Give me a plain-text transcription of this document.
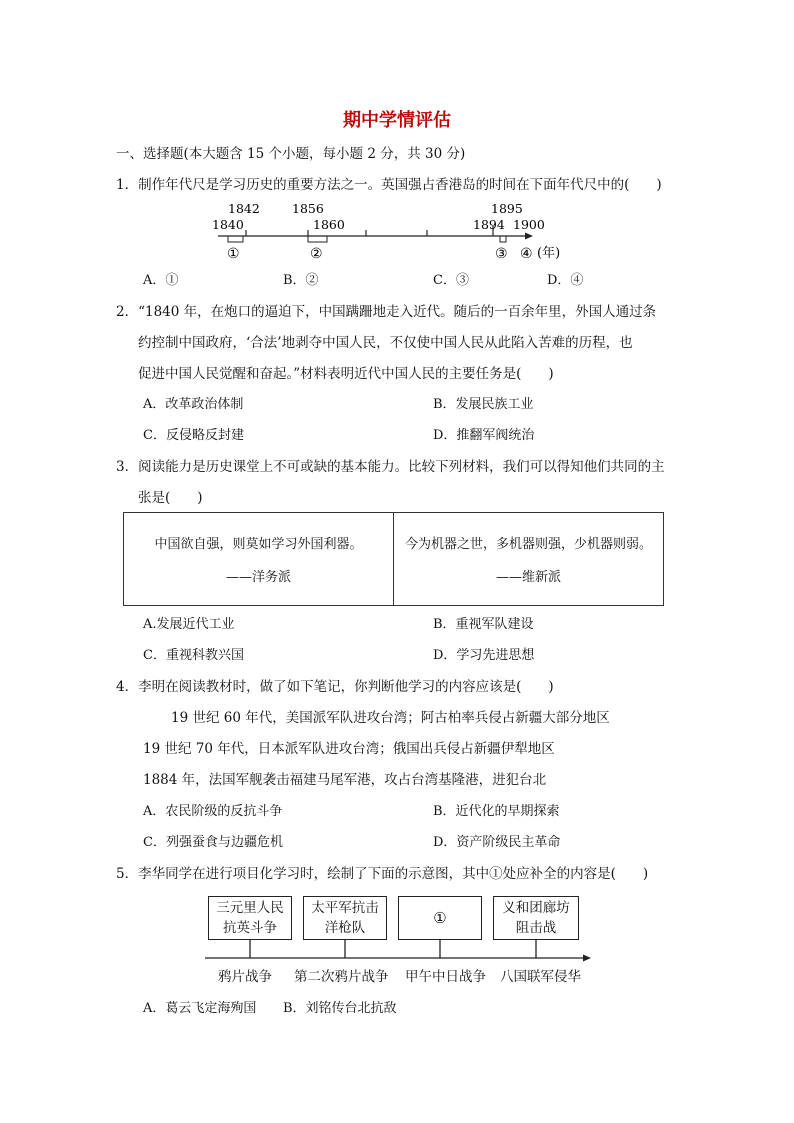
期中学情评估
一、选择题(本大题含 15 个小题，每小题 2 分，共 30 分)
1．制作年代尺是学习历史的重要方法之一。英国强占香港岛的时间在下面年代尺中的(　　)
1842	1856	1895
1840	1860	1894 1900
①	②	③ ④ (年)
A．①	B．②	C．③	D．④
2．“1840 年，在炮口的逼迫下，中国蹒跚地走入近代。随后的一百余年里，外国人通过条
约控制中国政府，‘合法’地剥夺中国人民，不仅使中国人民从此陷入苦难的历程，也
促进中国人民觉醒和奋起。”材料表明近代中国人民的主要任务是(　　)
A．改革政治体制	B．发展民族工业
C．反侵略反封建	D．推翻军阀统治
3．阅读能力是历史课堂上不可或缺的基本能力。比较下列材料，我们可以得知他们共同的主
张是(　　)
中国欲自强，则莫如学习外国利器。
——洋务派
今为机器之世，多机器则强，少机器则弱。
——维新派
A.发展近代工业	B．重视军队建设
C．重视科教兴国	D．学习先进思想
4．李明在阅读教材时，做了如下笔记，你判断他学习的内容应该是(　　)
19 世纪 60 年代，美国派军队进攻台湾；阿古柏率兵侵占新疆大部分地区
19 世纪 70 年代，日本派军队进攻台湾；俄国出兵侵占新疆伊犁地区
1884 年，法国军舰袭击福建马尾军港，攻占台湾基隆港，进犯台北
A．农民阶级的反抗斗争	B．近代化的早期探索
C．列强蚕食与边疆危机	D．资产阶级民主革命
5．李华同学在进行项目化学习时，绘制了下面的示意图，其中①处应补全的内容是(　　)
三元里人民
抗英斗争
太平军抗击
洋枪队
①
义和团廊坊
阻击战
鸦片战争 第二次鸦片战争 甲午中日战争 八国联军侵华
A．葛云飞定海殉国 B．刘铭传台北抗敌
